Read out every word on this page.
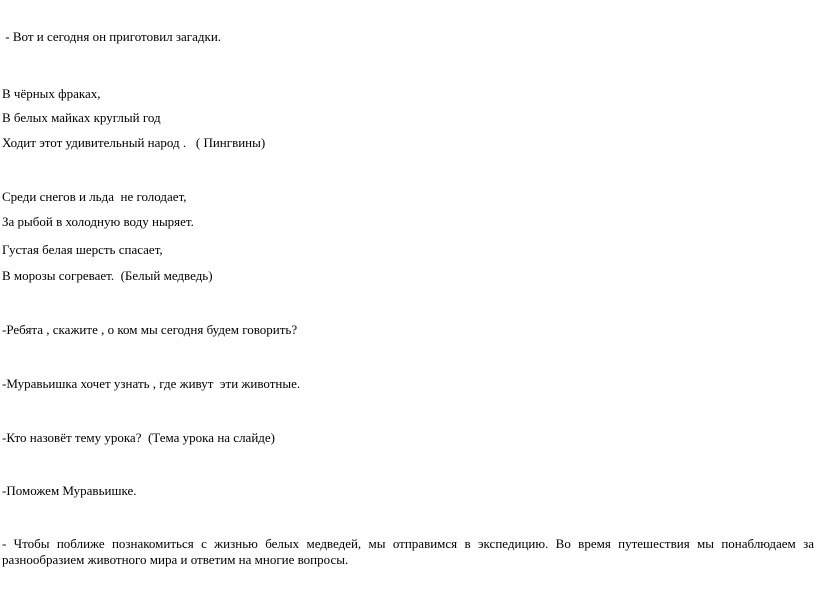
- Вот и сегодня он приготовил загадки.
В чёрных фраках,
В белых майках круглый год
Ходит этот удивительный народ .   ( Пингвины)
Среди снегов и льда  не голодает,
За рыбой в холодную воду ныряет.
Густая белая шерсть спасает,
В морозы согревает.  (Белый медведь)
-Ребята , скажите , о ком мы сегодня будем говорить?
-Муравьишка хочет узнать , где живут  эти животные.
-Кто назовёт тему урока?  (Тема урока на слайде)
-Поможем Муравьишке.
- Чтобы поближе познакомиться с жизнью белых медведей, мы отправимся в экспедицию. Во время путешествия мы понаблюдаем за разнообразием животного мира и ответим на многие вопросы.
